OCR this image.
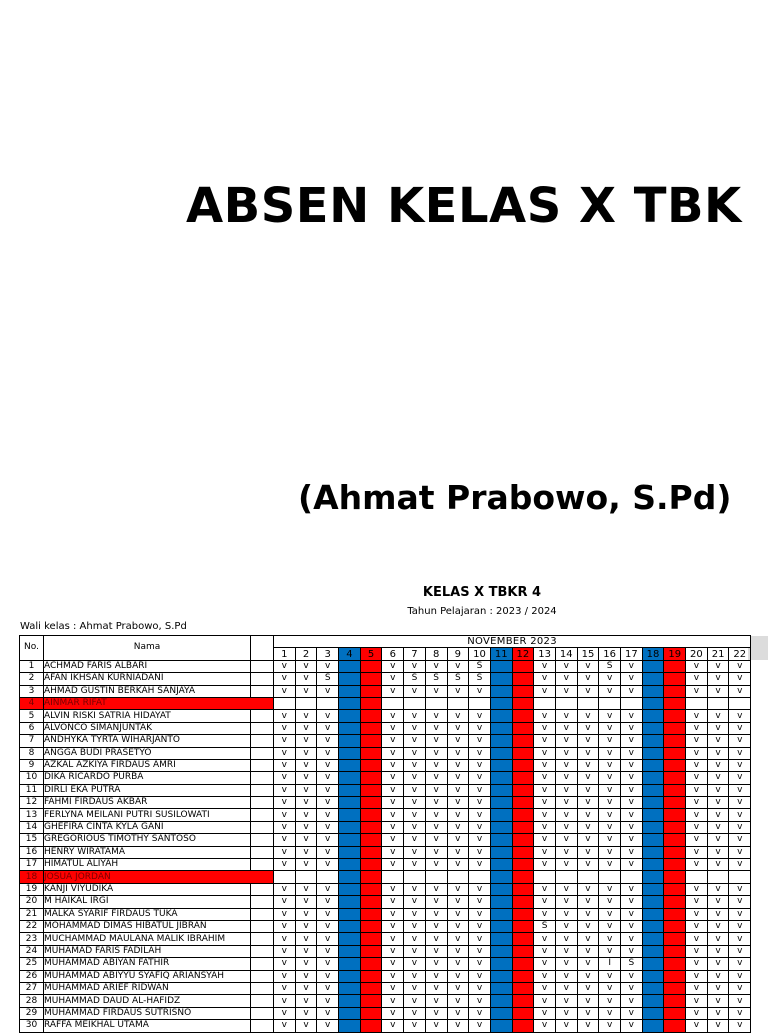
ABSEN KELAS X TBK
(Ahmat Prabowo, S.Pd)
KELAS X TBKR 4
Tahun Pelajaran : 2023 / 2024
Wali kelas : Ahmat Prabowo, S.Pd
No.	Nama		NOVEMBER 2023																					
			1	2	3	4	5	6	7	8	9	10	11	12	13	14	15	16	17	18	19	20	21	22
1	ACHMAD FARIS ALBARI		v	v	v			v	v	v	v	S			v	v	v	S	v			v	v	v
2	AFAN IKHSAN KURNIADANI		v	v	S			v	S	S	S	S			v	v	v	v	v			v	v	v
3	AHMAD GUSTIN BERKAH SANJAYA		v	v	v			v	v	v	v	v			v	v	v	v	v			v	v	v
4	AINMAR RIFAT																							
5	ALVIN RISKI SATRIA HIDAYAT		v	v	v			v	v	v	v	v			v	v	v	v	v			v	v	v
6	ALVONCO SIMANJUNTAK		v	v	v			v	v	v	v	v			v	v	v	v	v			v	v	v
7	ANDHYKA TYRTA WIHARJANTO		v	v	v			v	v	v	v	v			v	v	v	v	v			v	v	v
8	ANGGA BUDI PRASETYO		v	v	v			v	v	v	v	v			v	v	v	v	v			v	v	v
9	AZKAL AZKIYA FIRDAUS AMRI		v	v	v			v	v	v	v	v			v	v	v	v	v			v	v	v
10	DIKA RICARDO PURBA		v	v	v			v	v	v	v	v			v	v	v	v	v			v	v	v
11	DIRLI EKA PUTRA		v	v	v			v	v	v	v	v			v	v	v	v	v			v	v	v
12	FAHMI FIRDAUS AKBAR		v	v	v			v	v	v	v	v			v	v	v	v	v			v	v	v
13	FERLYNA MEILANI PUTRI SUSILOWATI		v	v	v			v	v	v	v	v			v	v	v	v	v			v	v	v
14	GHEFIRA CINTA KYLA GANI		v	v	v			v	v	v	v	v			v	v	v	v	v			v	v	v
15	GREGORIOUS TIMOTHY SANTOSO		v	v	v			v	v	v	v	v			v	v	v	v	v			v	v	v
16	HENRY WIRATAMA		v	v	v			v	v	v	v	v			v	v	v	v	v			v	v	v
17	HIMATUL ALIYAH		v	v	v			v	v	v	v	v			v	v	v	v	v			v	v	v
18	JOSUA JORDAN																							
19	KANJI VIYUDIKA		v	v	v			v	v	v	v	v			v	v	v	v	v			v	v	v
20	M HAIKAL IRGI		v	v	v			v	v	v	v	v			v	v	v	v	v			v	v	v
21	MALKA SYARIF FIRDAUS TUKA		v	v	v			v	v	v	v	v			v	v	v	v	v			v	v	v
22	MOHAMMAD DIMAS HIBATUL JIBRAN		v	v	v			v	v	v	v	v			S	v	v	v	v			v	v	v
23	MUCHAMMAD MAULANA MALIK IBRAHIM		v	v	v			v	v	v	v	v			v	v	v	v	v			v	v	v
24	MUHAMAD FARIS FADILAH		v	v	v			v	v	v	v	v			v	v	v	v	v			v	v	v
25	MUHAMMAD ABIYAN FATHIR		v	v	v			v	v	v	v	v			v	v	v	I	S			v	v	v
26	MUHAMMAD ABIYYU SYAFIQ ARIANSYAH		v	v	v			v	v	v	v	v			v	v	v	v	v			v	v	v
27	MUHAMMAD ARIEF RIDWAN		v	v	v			v	v	v	v	v			v	v	v	v	v			v	v	v
28	MUHAMMAD DAUD AL-HAFIDZ		v	v	v			v	v	v	v	v			v	v	v	v	v			v	v	v
29	MUHAMMAD FIRDAUS SUTRISNO		v	v	v			v	v	v	v	v			v	v	v	v	v			v	v	v
30	RAFFA MEIKHAL UTAMA		v	v	v			v	v	v	v	v			v	v	v	v	v			v	v	v
